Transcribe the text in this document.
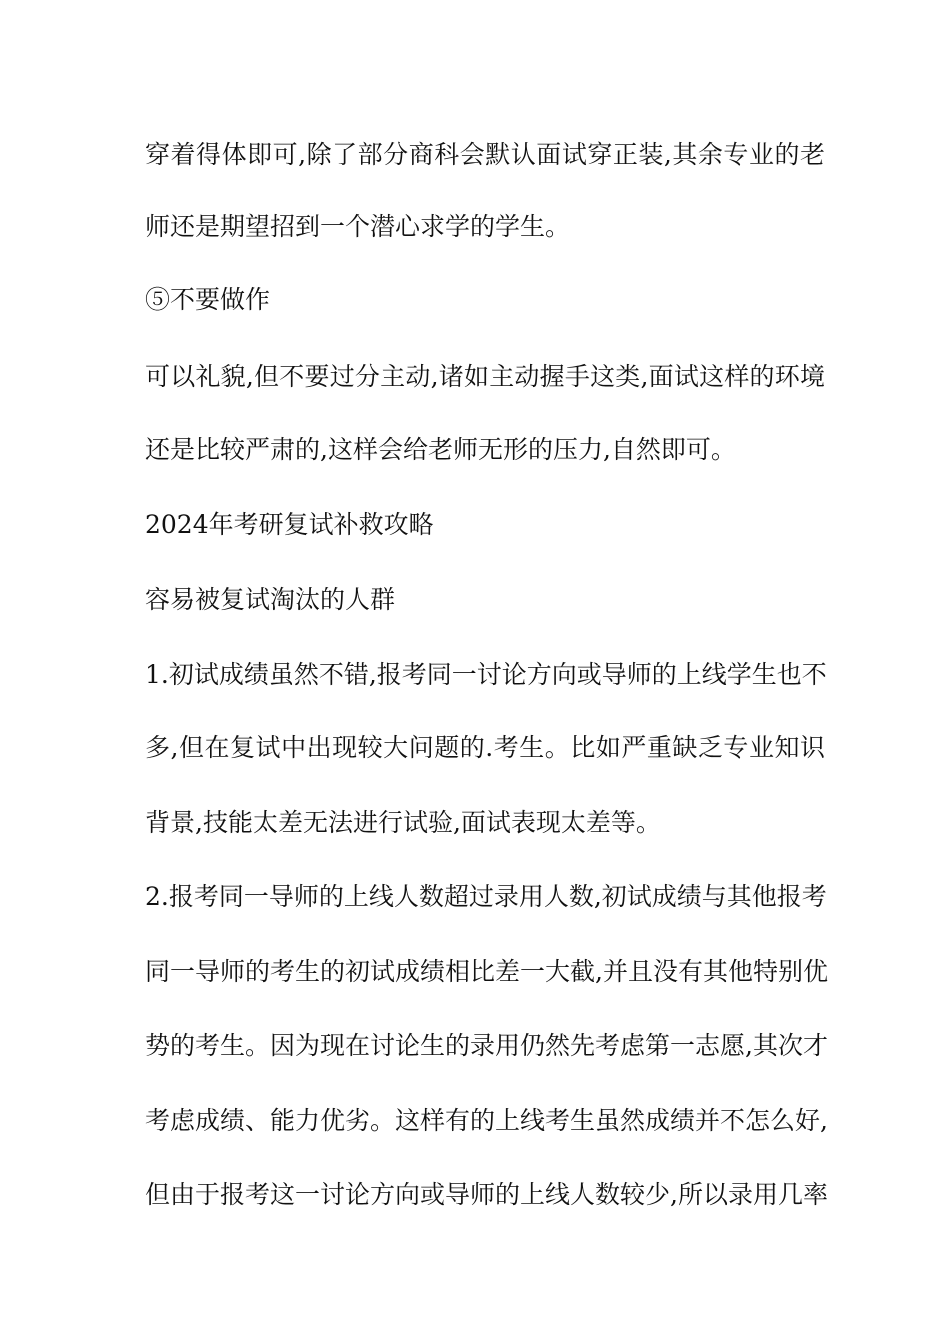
穿着得体即可,除了部分商科会默认面试穿正装,其余专业的老
师还是期望招到一个潜心求学的学生。
⑤不要做作
可以礼貌,但不要过分主动,诸如主动握手这类,面试这样的环境
还是比较严肃的,这样会给老师无形的压力,自然即可。
2024年考研复试补救攻略
容易被复试淘汰的人群
1.初试成绩虽然不错,报考同一讨论方向或导师的上线学生也不
多,但在复试中出现较大问题的.考生。比如严重缺乏专业知识
背景,技能太差无法进行试验,面试表现太差等。
2.报考同一导师的上线人数超过录用人数,初试成绩与其他报考
同一导师的考生的初试成绩相比差一大截,并且没有其他特别优
势的考生。因为现在讨论生的录用仍然先考虑第一志愿,其次才
考虑成绩、能力优劣。这样有的上线考生虽然成绩并不怎么好,
但由于报考这一讨论方向或导师的上线人数较少,所以录用几率
